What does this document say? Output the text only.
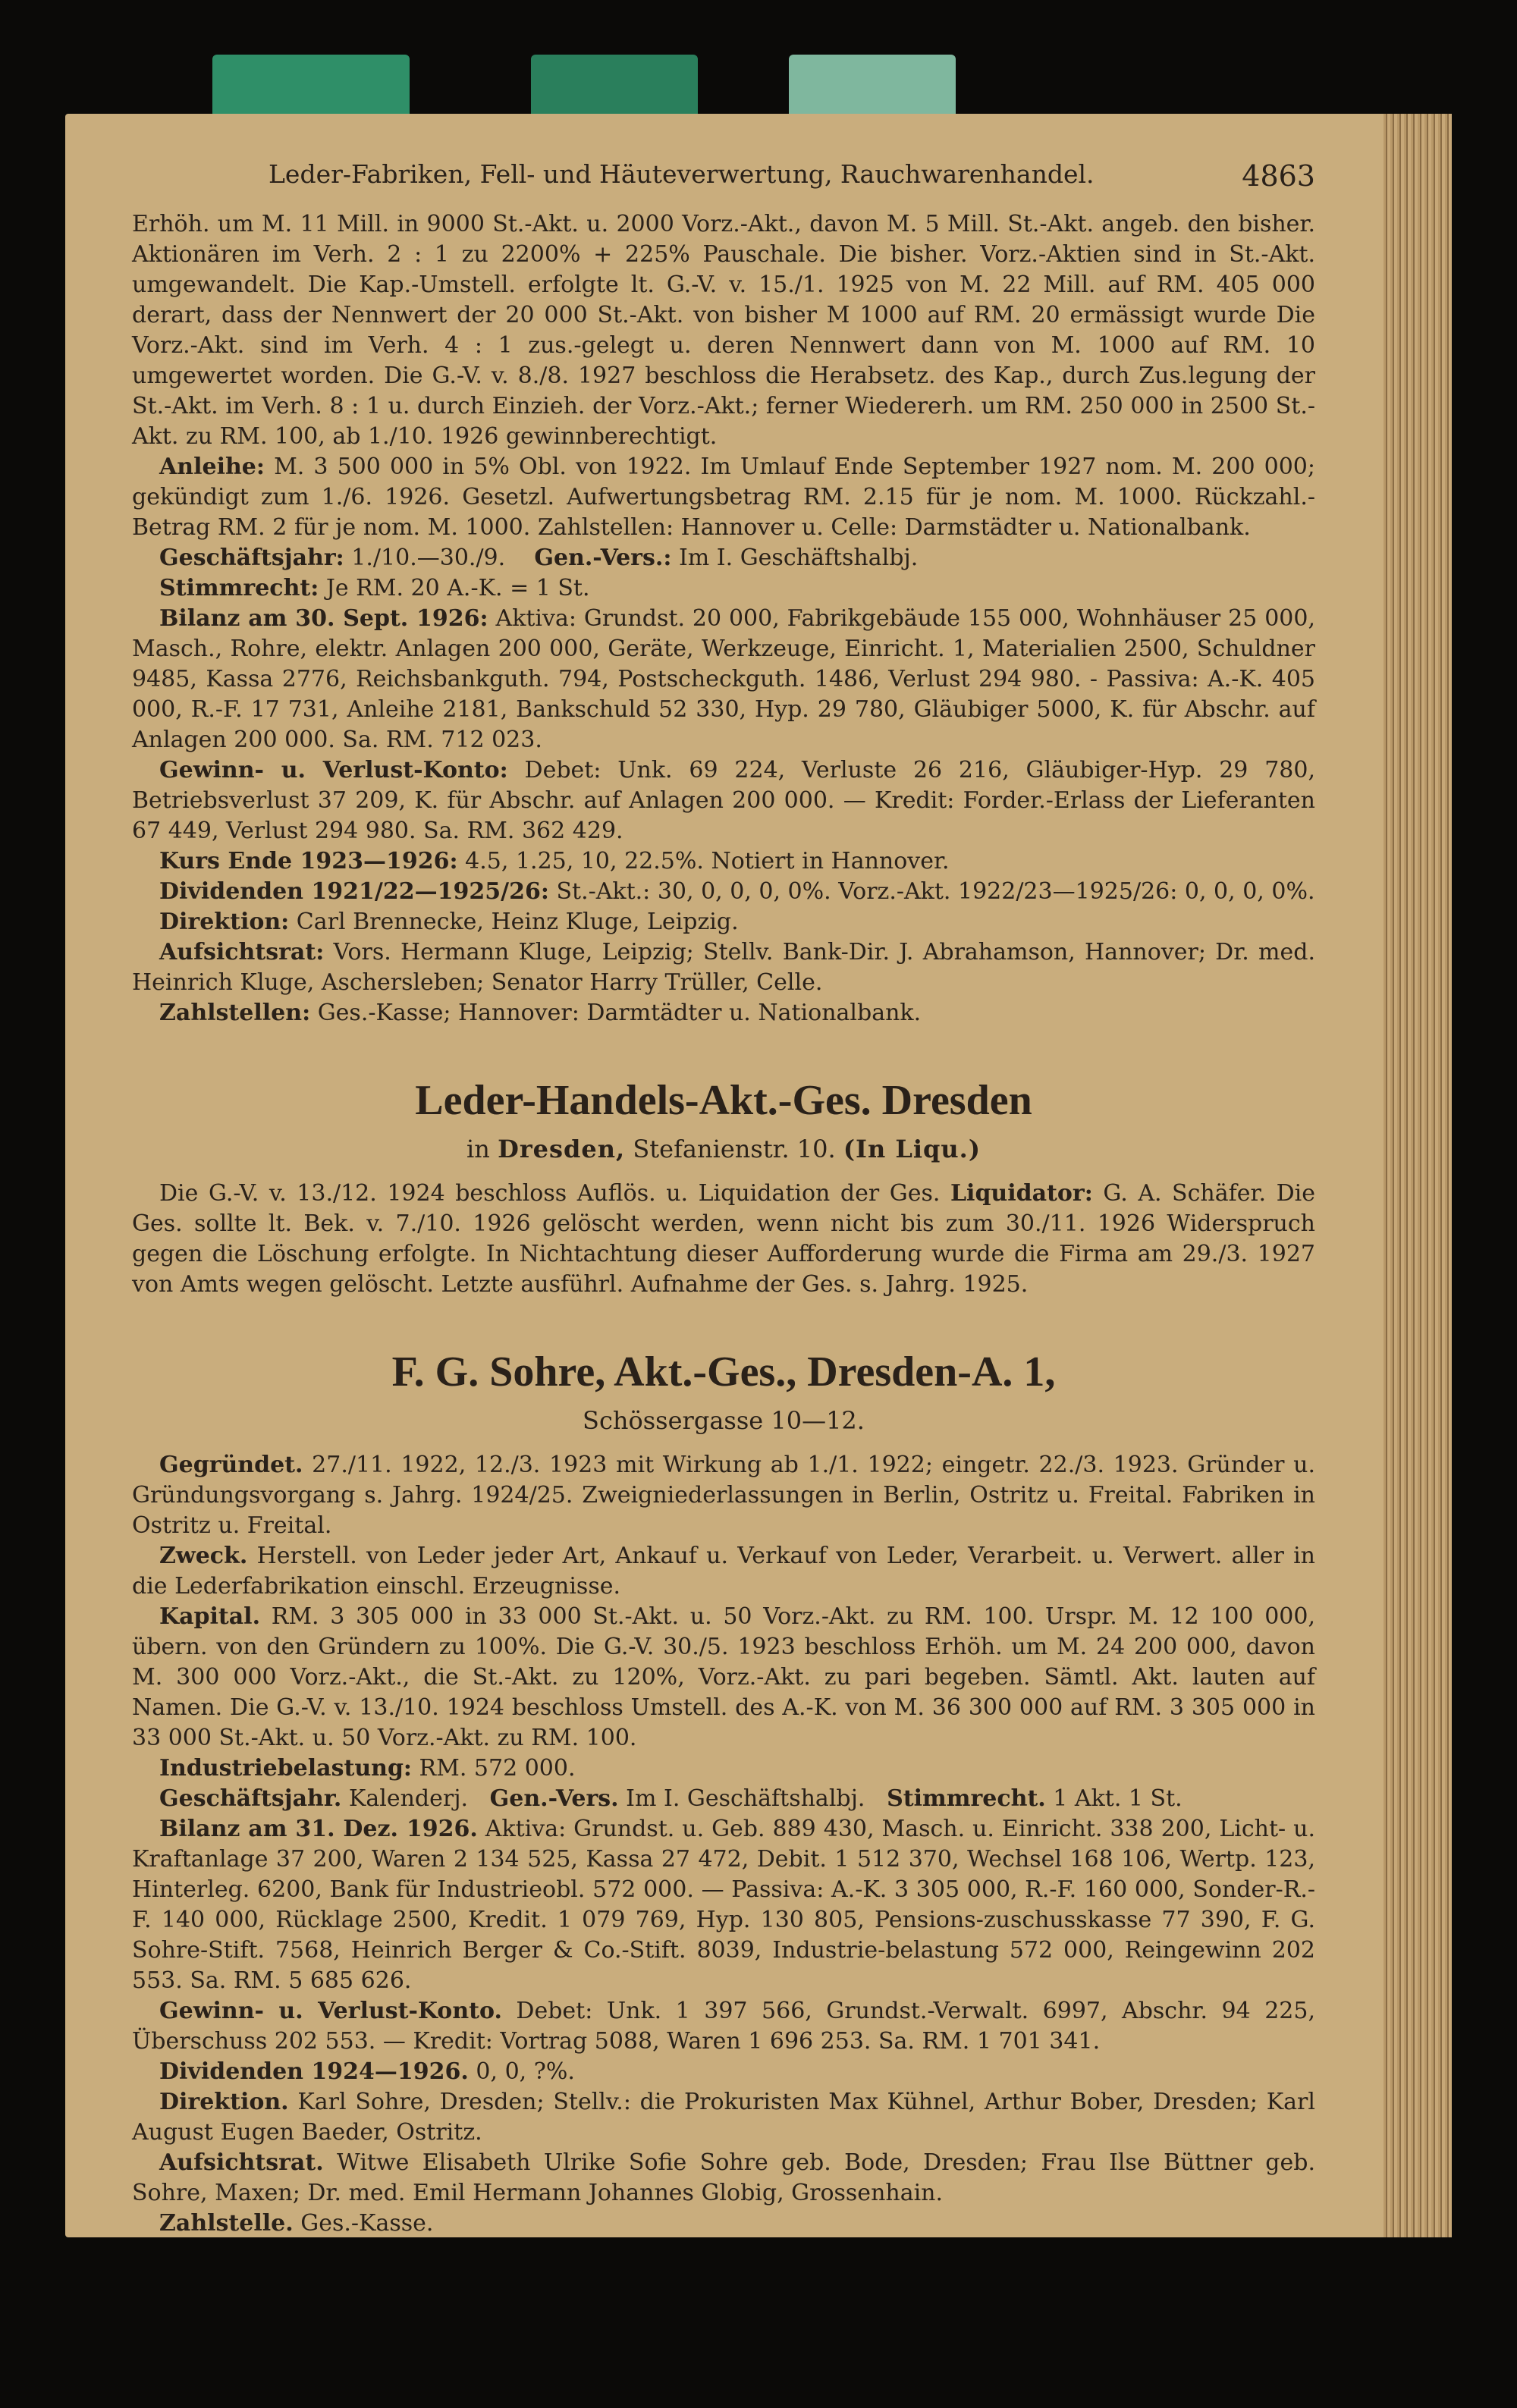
Leder-Fabriken, Fell- und Häuteverwertung, Rauchwarenhandel.	4863

Erhöh. um M. 11 Mill. in 9000 St.-Akt. u. 2000 Vorz.-Akt., davon M. 5 Mill. St.-Akt. angeb. den bisher. Aktionären im Verh. 2 : 1 zu 2200% + 225% Pauschale. Die bisher. Vorz.-Aktien sind in St.-Akt. umgewandelt. Die Kap.-Umstell. erfolgte lt. G.-V. v. 15./1. 1925 von M. 22 Mill. auf RM. 405 000 derart, dass der Nennwert der 20 000 St.-Akt. von bisher M 1000 auf RM. 20 ermässigt wurde Die Vorz.-Akt. sind im Verh. 4 : 1 zus.-gelegt u. deren Nennwert dann von M. 1000 auf RM. 10 umgewertet worden. Die G.-V. v. 8./8. 1927 beschloss die Herabsetz. des Kap., durch Zus.legung der St.-Akt. im Verh. 8 : 1 u. durch Einzieh. der Vorz.-Akt.; ferner Wiedererh. um RM. 250 000 in 2500 St.-Akt. zu RM. 100, ab 1./10. 1926 gewinnberechtigt.

Anleihe: M. 3 500 000 in 5% Obl. von 1922. Im Umlauf Ende September 1927 nom. M. 200 000; gekündigt zum 1./6. 1926. Gesetzl. Aufwertungsbetrag RM. 2.15 für je nom. M. 1000. Rückzahl.-Betrag RM. 2 für je nom. M. 1000. Zahlstellen: Hannover u. Celle: Darmstädter u. Nationalbank.

Geschäftsjahr: 1./10.—30./9. Gen.-Vers.: Im I. Geschäftshalbj.

Stimmrecht: Je RM. 20 A.-K. = 1 St.

Bilanz am 30. Sept. 1926: Aktiva: Grundst. 20 000, Fabrikgebäude 155 000, Wohnhäuser 25 000, Masch., Rohre, elektr. Anlagen 200 000, Geräte, Werkzeuge, Einricht. 1, Materialien 2500, Schuldner 9485, Kassa 2776, Reichsbankguth. 794, Postscheckguth. 1486, Verlust 294 980. - Passiva: A.-K. 405 000, R.-F. 17 731, Anleihe 2181, Bankschuld 52 330, Hyp. 29 780, Gläubiger 5000, K. für Abschr. auf Anlagen 200 000. Sa. RM. 712 023.

Gewinn- u. Verlust-Konto: Debet: Unk. 69 224, Verluste 26 216, Gläubiger-Hyp. 29 780, Betriebsverlust 37 209, K. für Abschr. auf Anlagen 200 000. — Kredit: Forder.-Erlass der Lieferanten 67 449, Verlust 294 980. Sa. RM. 362 429.

Kurs Ende 1923—1926: 4.5, 1.25, 10, 22.5%. Notiert in Hannover.

Dividenden 1921/22—1925/26: St.-Akt.: 30, 0, 0, 0, 0%. Vorz.-Akt. 1922/23—1925/26: 0, 0, 0, 0%.

Direktion: Carl Brennecke, Heinz Kluge, Leipzig.

Aufsichtsrat: Vors. Hermann Kluge, Leipzig; Stellv. Bank-Dir. J. Abrahamson, Hannover; Dr. med. Heinrich Kluge, Aschersleben; Senator Harry Trüller, Celle.

Zahlstellen: Ges.-Kasse; Hannover: Darmtädter u. Nationalbank.

Leder-Handels-Akt.-Ges. Dresden
in Dresden, Stefanienstr. 10. (In Liqu.)

Die G.-V. v. 13./12. 1924 beschloss Auflös. u. Liquidation der Ges. Liquidator: G. A. Schäfer. Die Ges. sollte lt. Bek. v. 7./10. 1926 gelöscht werden, wenn nicht bis zum 30./11. 1926 Widerspruch gegen die Löschung erfolgte. In Nichtachtung dieser Aufforderung wurde die Firma am 29./3. 1927 von Amts wegen gelöscht. Letzte ausführl. Aufnahme der Ges. s. Jahrg. 1925.

F. G. Sohre, Akt.-Ges., Dresden-A. 1,
Schössergasse 10—12.

Gegründet. 27./11. 1922, 12./3. 1923 mit Wirkung ab 1./1. 1922; eingetr. 22./3. 1923. Gründer u. Gründungsvorgang s. Jahrg. 1924/25. Zweigniederlassungen in Berlin, Ostritz u. Freital. Fabriken in Ostritz u. Freital.

Zweck. Herstell. von Leder jeder Art, Ankauf u. Verkauf von Leder, Verarbeit. u. Verwert. aller in die Lederfabrikation einschl. Erzeugnisse.

Kapital. RM. 3 305 000 in 33 000 St.-Akt. u. 50 Vorz.-Akt. zu RM. 100. Urspr. M. 12 100 000, übern. von den Gründern zu 100%. Die G.-V. 30./5. 1923 beschloss Erhöh. um M. 24 200 000, davon M. 300 000 Vorz.-Akt., die St.-Akt. zu 120%, Vorz.-Akt. zu pari begeben. Sämtl. Akt. lauten auf Namen. Die G.-V. v. 13./10. 1924 beschloss Umstell. des A.-K. von M. 36 300 000 auf RM. 3 305 000 in 33 000 St.-Akt. u. 50 Vorz.-Akt. zu RM. 100.

Industriebelastung: RM. 572 000.

Geschäftsjahr. Kalenderj. Gen.-Vers. Im I. Geschäftshalbj. Stimmrecht. 1 Akt. 1 St.

Bilanz am 31. Dez. 1926. Aktiva: Grundst. u. Geb. 889 430, Masch. u. Einricht. 338 200, Licht- u. Kraftanlage 37 200, Waren 2 134 525, Kassa 27 472, Debit. 1 512 370, Wechsel 168 106, Wertp. 123, Hinterleg. 6200, Bank für Industrieobl. 572 000. — Passiva: A.-K. 3 305 000, R.-F. 160 000, Sonder-R.-F. 140 000, Rücklage 2500, Kredit. 1 079 769, Hyp. 130 805, Pensions-zuschusskasse 77 390, F. G. Sohre-Stift. 7568, Heinrich Berger & Co.-Stift. 8039, Industrie-belastung 572 000, Reingewinn 202 553. Sa. RM. 5 685 626.

Gewinn- u. Verlust-Konto. Debet: Unk. 1 397 566, Grundst.-Verwalt. 6997, Abschr. 94 225, Überschuss 202 553. — Kredit: Vortrag 5088, Waren 1 696 253. Sa. RM. 1 701 341.

Dividenden 1924—1926. 0, 0, ?%.

Direktion. Karl Sohre, Dresden; Stellv.: die Prokuristen Max Kühnel, Arthur Bober, Dresden; Karl August Eugen Baeder, Ostritz.

Aufsichtsrat. Witwe Elisabeth Ulrike Sofie Sohre geb. Bode, Dresden; Frau Ilse Büttner geb. Sohre, Maxen; Dr. med. Emil Hermann Johannes Globig, Grossenhain.

Zahlstelle. Ges.-Kasse.
